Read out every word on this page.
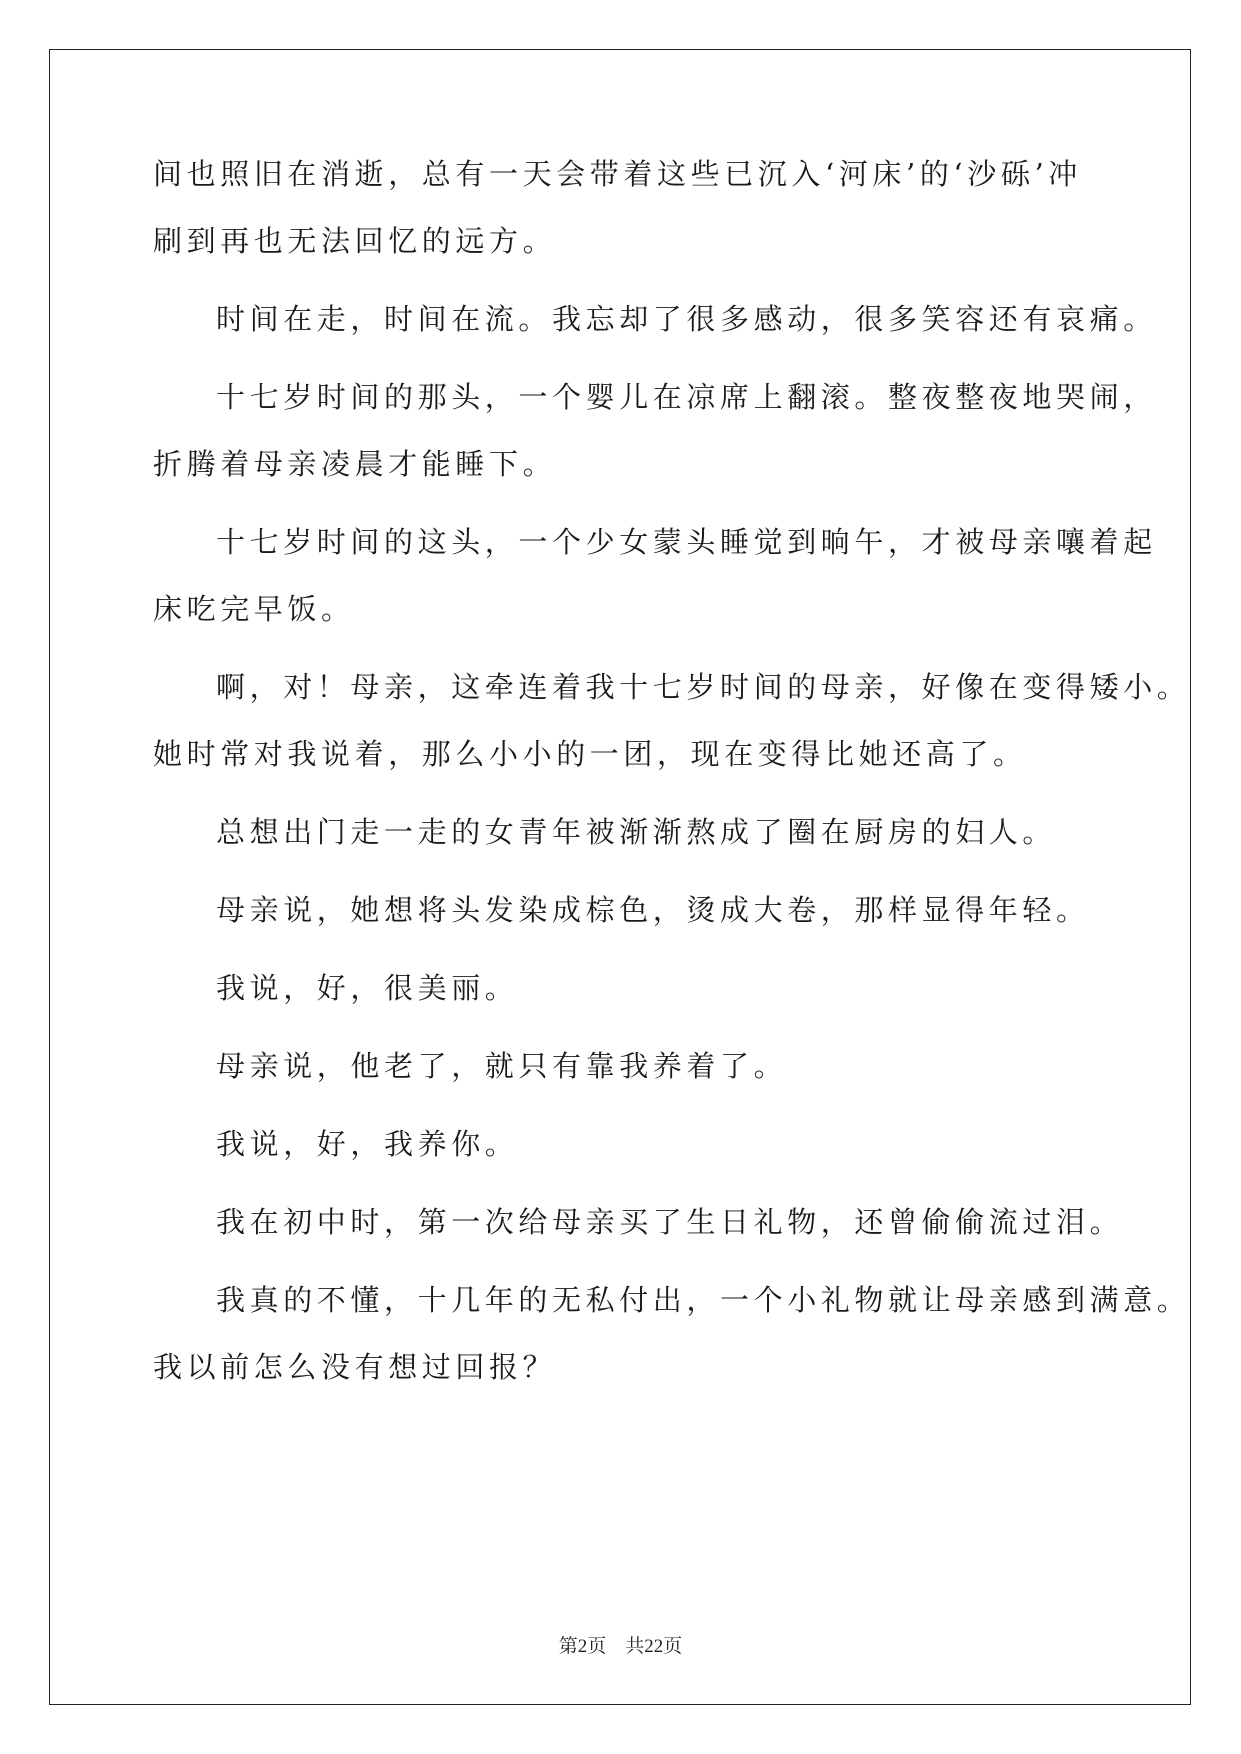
间也照旧在消逝，总有一天会带着这些已沉入‘河床’的‘沙砾’冲
刷到再也无法回忆的远方。
时间在走，时间在流。我忘却了很多感动，很多笑容还有哀痛。
十七岁时间的那头，一个婴儿在凉席上翻滚。整夜整夜地哭闹，
折腾着母亲凌晨才能睡下。
十七岁时间的这头，一个少女蒙头睡觉到晌午，才被母亲嚷着起
床吃完早饭。
啊，对！母亲，这牵连着我十七岁时间的母亲，好像在变得矮小。
她时常对我说着，那么小小的一团，现在变得比她还高了。
总想出门走一走的女青年被渐渐熬成了圈在厨房的妇人。
母亲说，她想将头发染成棕色，烫成大卷，那样显得年轻。
我说，好，很美丽。
母亲说，他老了，就只有靠我养着了。
我说，好，我养你。
我在初中时，第一次给母亲买了生日礼物，还曾偷偷流过泪。
我真的不懂，十几年的无私付出，一个小礼物就让母亲感到满意。
我以前怎么没有想过回报？
第2页 共22页
